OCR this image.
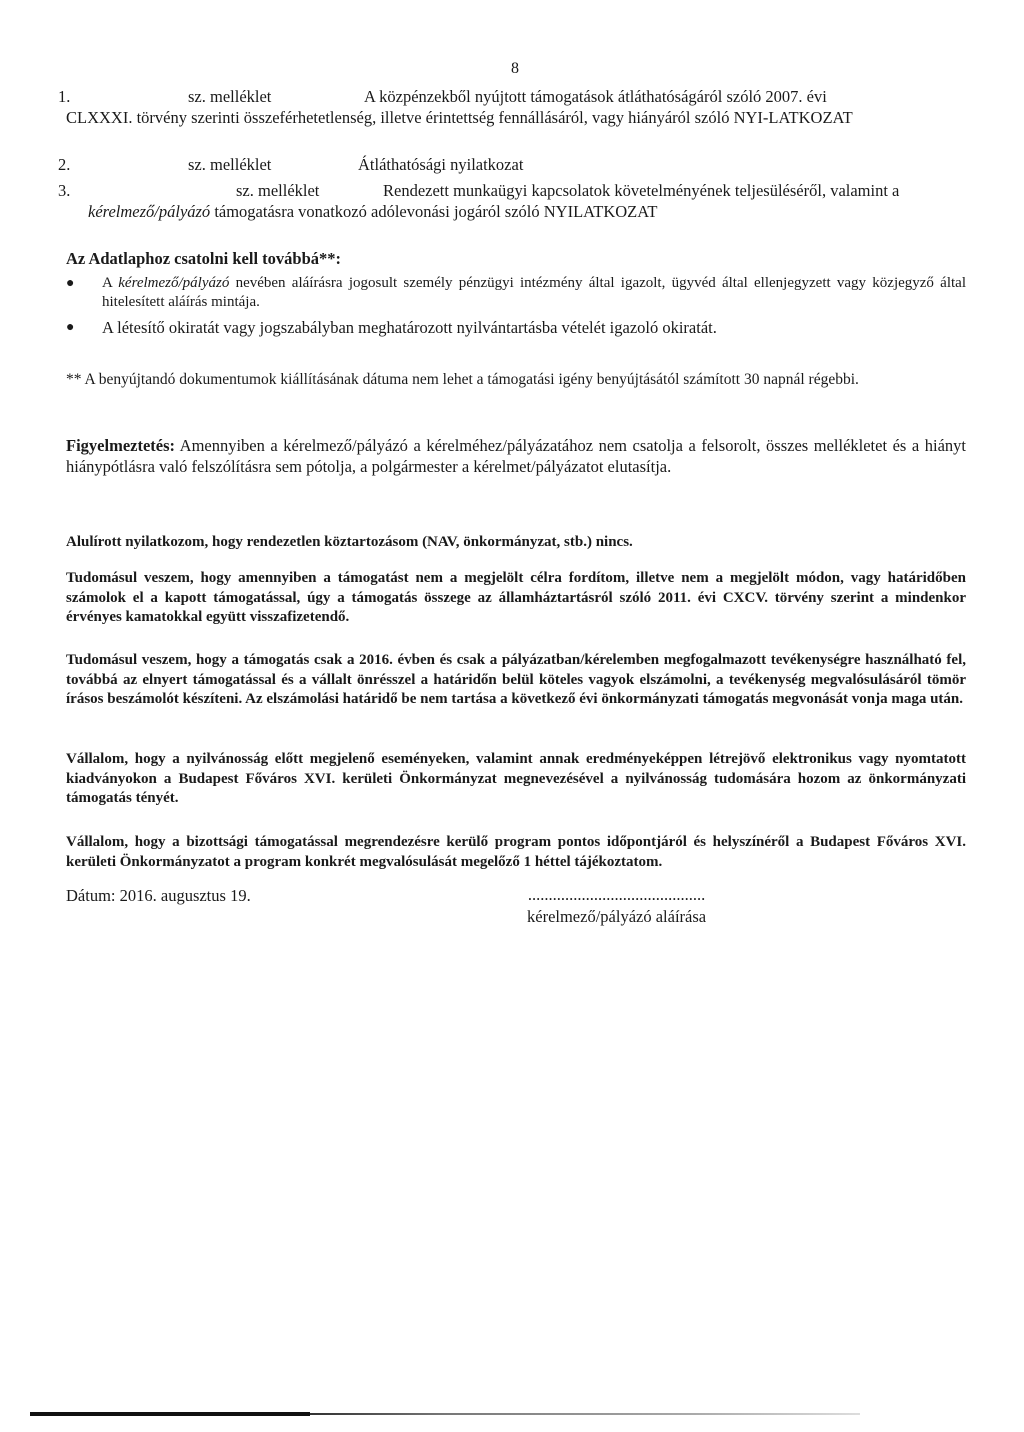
8
1.	sz. melléklet	A közpénzekből nyújtott támogatások átláthatóságáról szóló 2007. évi
CLXXXI. törvény szerinti összeférhetetlenség, illetve érintettség fennállásáról, vagy hiányáról szóló NYI-LATKOZAT
2.	sz. melléklet	Átláthatósági nyilatkozat
3.	sz. melléklet	Rendezett munkaügyi kapcsolatok követelményének teljesüléséről, valamint a
kérelmező/pályázó támogatásra vonatkozó adólevonási jogáról szóló NYILATKOZAT
Az Adatlaphoz csatolni kell továbbá**:
● A kérelmező/pályázó nevében aláírásra jogosult személy pénzügyi intézmény által igazolt, ügyvéd által ellenjegyzett vagy közjegyző által hitelesített aláírás mintája.
● A létesítő okiratát vagy jogszabályban meghatározott nyilvántartásba vételét igazoló okiratát.
** A benyújtandó dokumentumok kiállításának dátuma nem lehet a támogatási igény benyújtásától számított 30 napnál régebbi.
Figyelmeztetés: Amennyiben a kérelmező/pályázó a kérelméhez/pályázatához nem csatolja a felsorolt, összes mellékletet és a hiányt hiánypótlásra való felszólításra sem pótolja, a polgármester a kérelmet/pályázatot elutasítja.
Alulírott nyilatkozom, hogy rendezetlen köztartozásom (NAV, önkormányzat, stb.) nincs.
Tudomásul veszem, hogy amennyiben a támogatást nem a megjelölt célra fordítom, illetve nem a megjelölt módon, vagy határidőben számolok el a kapott támogatással, úgy a támogatás összege az államháztartásról szóló 2011. évi CXCV. törvény szerint a mindenkor érvényes kamatokkal együtt visszafizetendő.
Tudomásul veszem, hogy a támogatás csak a 2016. évben és csak a pályázatban/kérelemben megfogalmazott tevékenységre használható fel, továbbá az elnyert támogatással és a vállalt önrésszel a határidőn belül köteles vagyok elszámolni, a tevékenység megvalósulásáról tömör írásos beszámolót készíteni. Az elszámolási határidő be nem tartása a következő évi önkormányzati támogatás megvonását vonja maga után.
Vállalom, hogy a nyilvánosság előtt megjelenő eseményeken, valamint annak eredményeképpen létrejövő elektronikus vagy nyomtatott kiadványokon a Budapest Főváros XVI. kerületi Önkormányzat megnevezésével a nyilvánosság tudomására hozom az önkormányzati támogatás tényét.
Vállalom, hogy a bizottsági támogatással megrendezésre kerülő program pontos időpontjáról és helyszínéről a Budapest Főváros XVI. kerületi Önkormányzatot a program konkrét megvalósulását megelőző 1 héttel tájékoztatom.
Dátum: 2016. augusztus 19.	...........................................
kérelmező/pályázó aláírása
